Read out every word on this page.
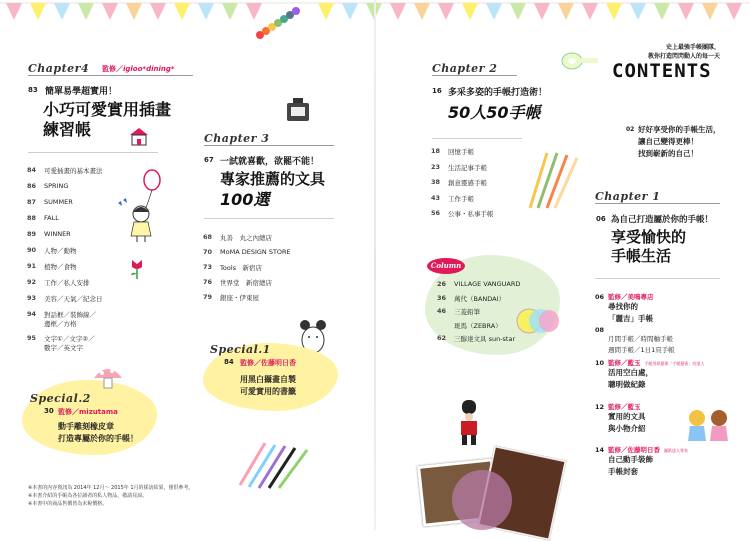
Chapter4 監修／igloo*dining*
83 簡單易學超實用！
小巧可愛實用插畫
練習帳
84 可愛插畫的基本畫法
86 SPRING
87 SUMMER
88 FALL
89 WINNER
90 人物／動物
91 植物／食物
92 工作／私人安排
93 美容／天氣／紀念日
94 對話框／裝飾線／
邊框／方格
95 文字①／文字②／
數字／英文字
Special.2
30 監修／mizutama
動手雕刻橡皮章
打造專屬於你的手帳！
※本書的內容資訊為 2014年 12月～ 2015年 1月的採訪結果，僅供參考。
※本書介紹的手帳為各位讀者的私人物品，敬請見諒。
※本書中的商品售價皆為未稅價格。
Chapter 3
67 一試就喜歡，欲罷不能！
專家推薦的文具
100選
68 丸善　丸之內總店
70 MoMA DESIGN STORE
73 Tools　新宿店
76 世界堂　新宿總店
79 銀座・伊東屋
Special.1
84 監修／佐藤明日香
用黑白攝畫自製
可愛實用的書籤
Chapter 2
16 多采多姿的手帳打造術！
50人50手帳
18 回憶手帳
23 生活記事手帳
38 創意靈感手帳
43 工作手帳
56 公事・私事手帳
Column
26 VILLAGE VANGUARD
36 萬代（BANDAI）
46 三菱鉛筆
斑馬（ZEBRA）
62 三醇達文具 sun-star
史上最強手帳團隊，
教你打造閃閃動人的每一天
CONTENTS
02 好好享受你的手帳生活，
讓自己變得更棒！
找到嶄新的自己！
Chapter 1
06 為自己打造屬於你的手帳！
享受愉快的
手帳生活
06 監修／美鳴專店
尋找你的
「麗吉」手帳
08
月間手帳／時間軸手帳
週間手帳／1日1頁手帳
10 監修／藍玉 手帳用紙藝術「手帳藝術」的達人
活用空白處，
聰明做紀錄
12 監修／藍玉
實用的文具
與小物介紹
14 監修／佐藤明日香 圖紙達人專家
自己動手裝飾
手帳封套
